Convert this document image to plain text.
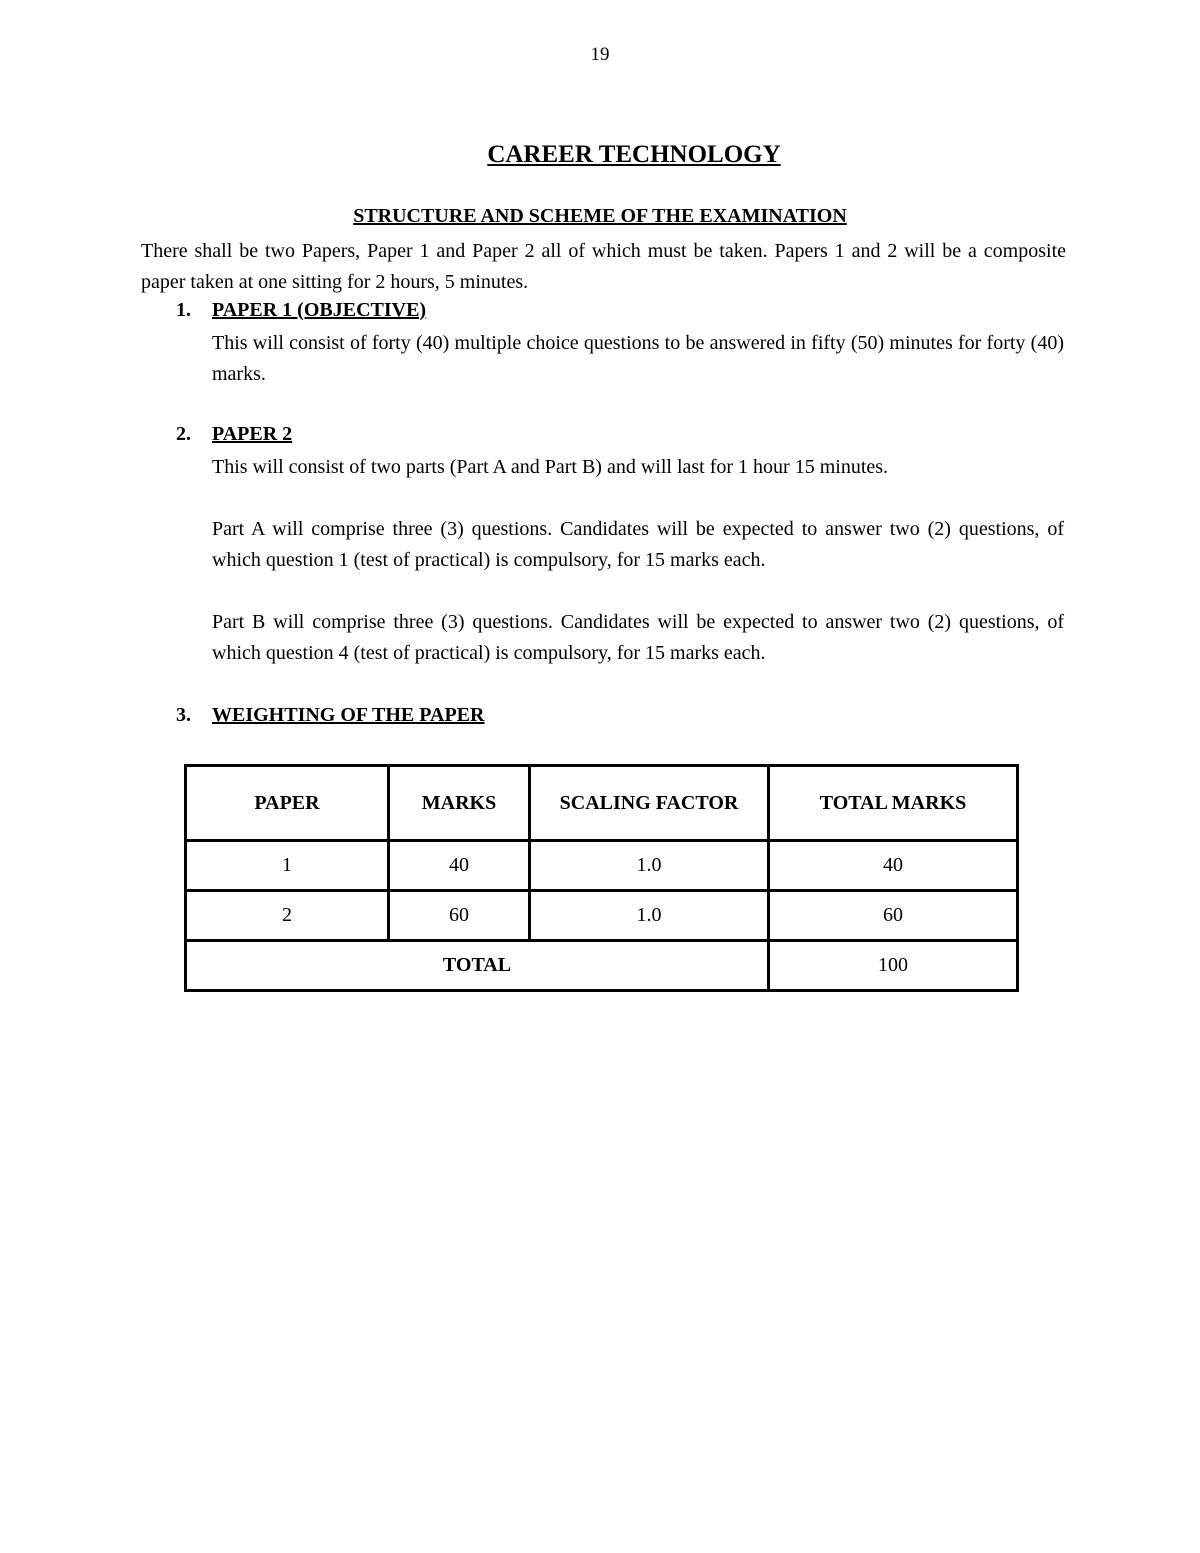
19
CAREER TECHNOLOGY
STRUCTURE AND SCHEME OF THE EXAMINATION
There shall be two Papers, Paper 1 and Paper 2 all of which must be taken. Papers 1 and 2 will be a composite paper taken at one sitting for 2 hours, 5 minutes.
1. PAPER 1 (OBJECTIVE)
This will consist of forty (40) multiple choice questions to be answered in fifty (50) minutes for forty (40) marks.
2. PAPER 2
This will consist of two parts (Part A and Part B) and will last for 1 hour 15 minutes.
Part A will comprise three (3) questions. Candidates will be expected to answer two (2) questions, of which question 1 (test of practical) is compulsory, for 15 marks each.
Part B will comprise three (3) questions. Candidates will be expected to answer two (2) questions, of which question 4 (test of practical) is compulsory, for 15 marks each.
3. WEIGHTING OF THE PAPER
PAPER	MARKS	SCALING FACTOR	TOTAL MARKS
1	40	1.0	40
2	60	1.0	60
TOTAL			100
